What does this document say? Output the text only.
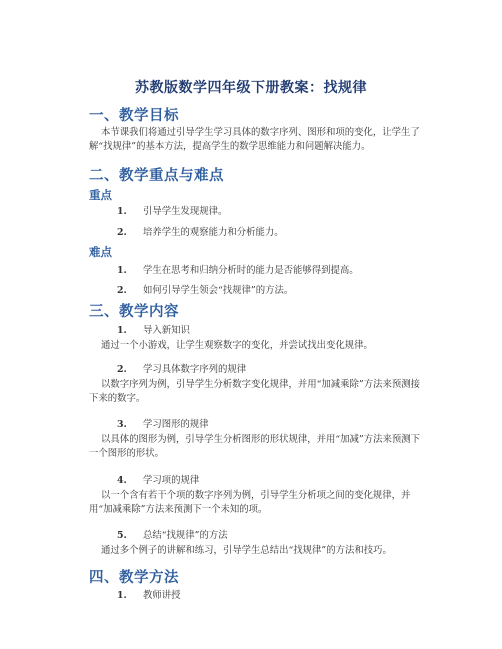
苏教版数学四年级下册教案：找规律
一、教学目标
本节课我们将通过引导学生学习具体的数字序列、图形和项的变化，让学生了解“找规律”的基本方法，提高学生的数学思维能力和问题解决能力。
二、教学重点与难点
重点
1. 引导学生发现规律。
2. 培养学生的观察能力和分析能力。
难点
1. 学生在思考和归纳分析时的能力是否能够得到提高。
2. 如何引导学生领会“找规律”的方法。
三、教学内容
1. 导入新知识
通过一个小游戏，让学生观察数字的变化，并尝试找出变化规律。
2. 学习具体数字序列的规律
以数字序列为例，引导学生分析数字变化规律，并用“加减乘除”方法来预测接下来的数字。
3. 学习图形的规律
以具体的图形为例，引导学生分析图形的形状规律，并用“加减”方法来预测下一个图形的形状。
4. 学习项的规律
以一个含有若干个项的数字序列为例，引导学生分析项之间的变化规律，并用“加减乘除”方法来预测下一个未知的项。
5. 总结“找规律”的方法
通过多个例子的讲解和练习，引导学生总结出“找规律”的方法和技巧。
四、教学方法
1. 教师讲授
